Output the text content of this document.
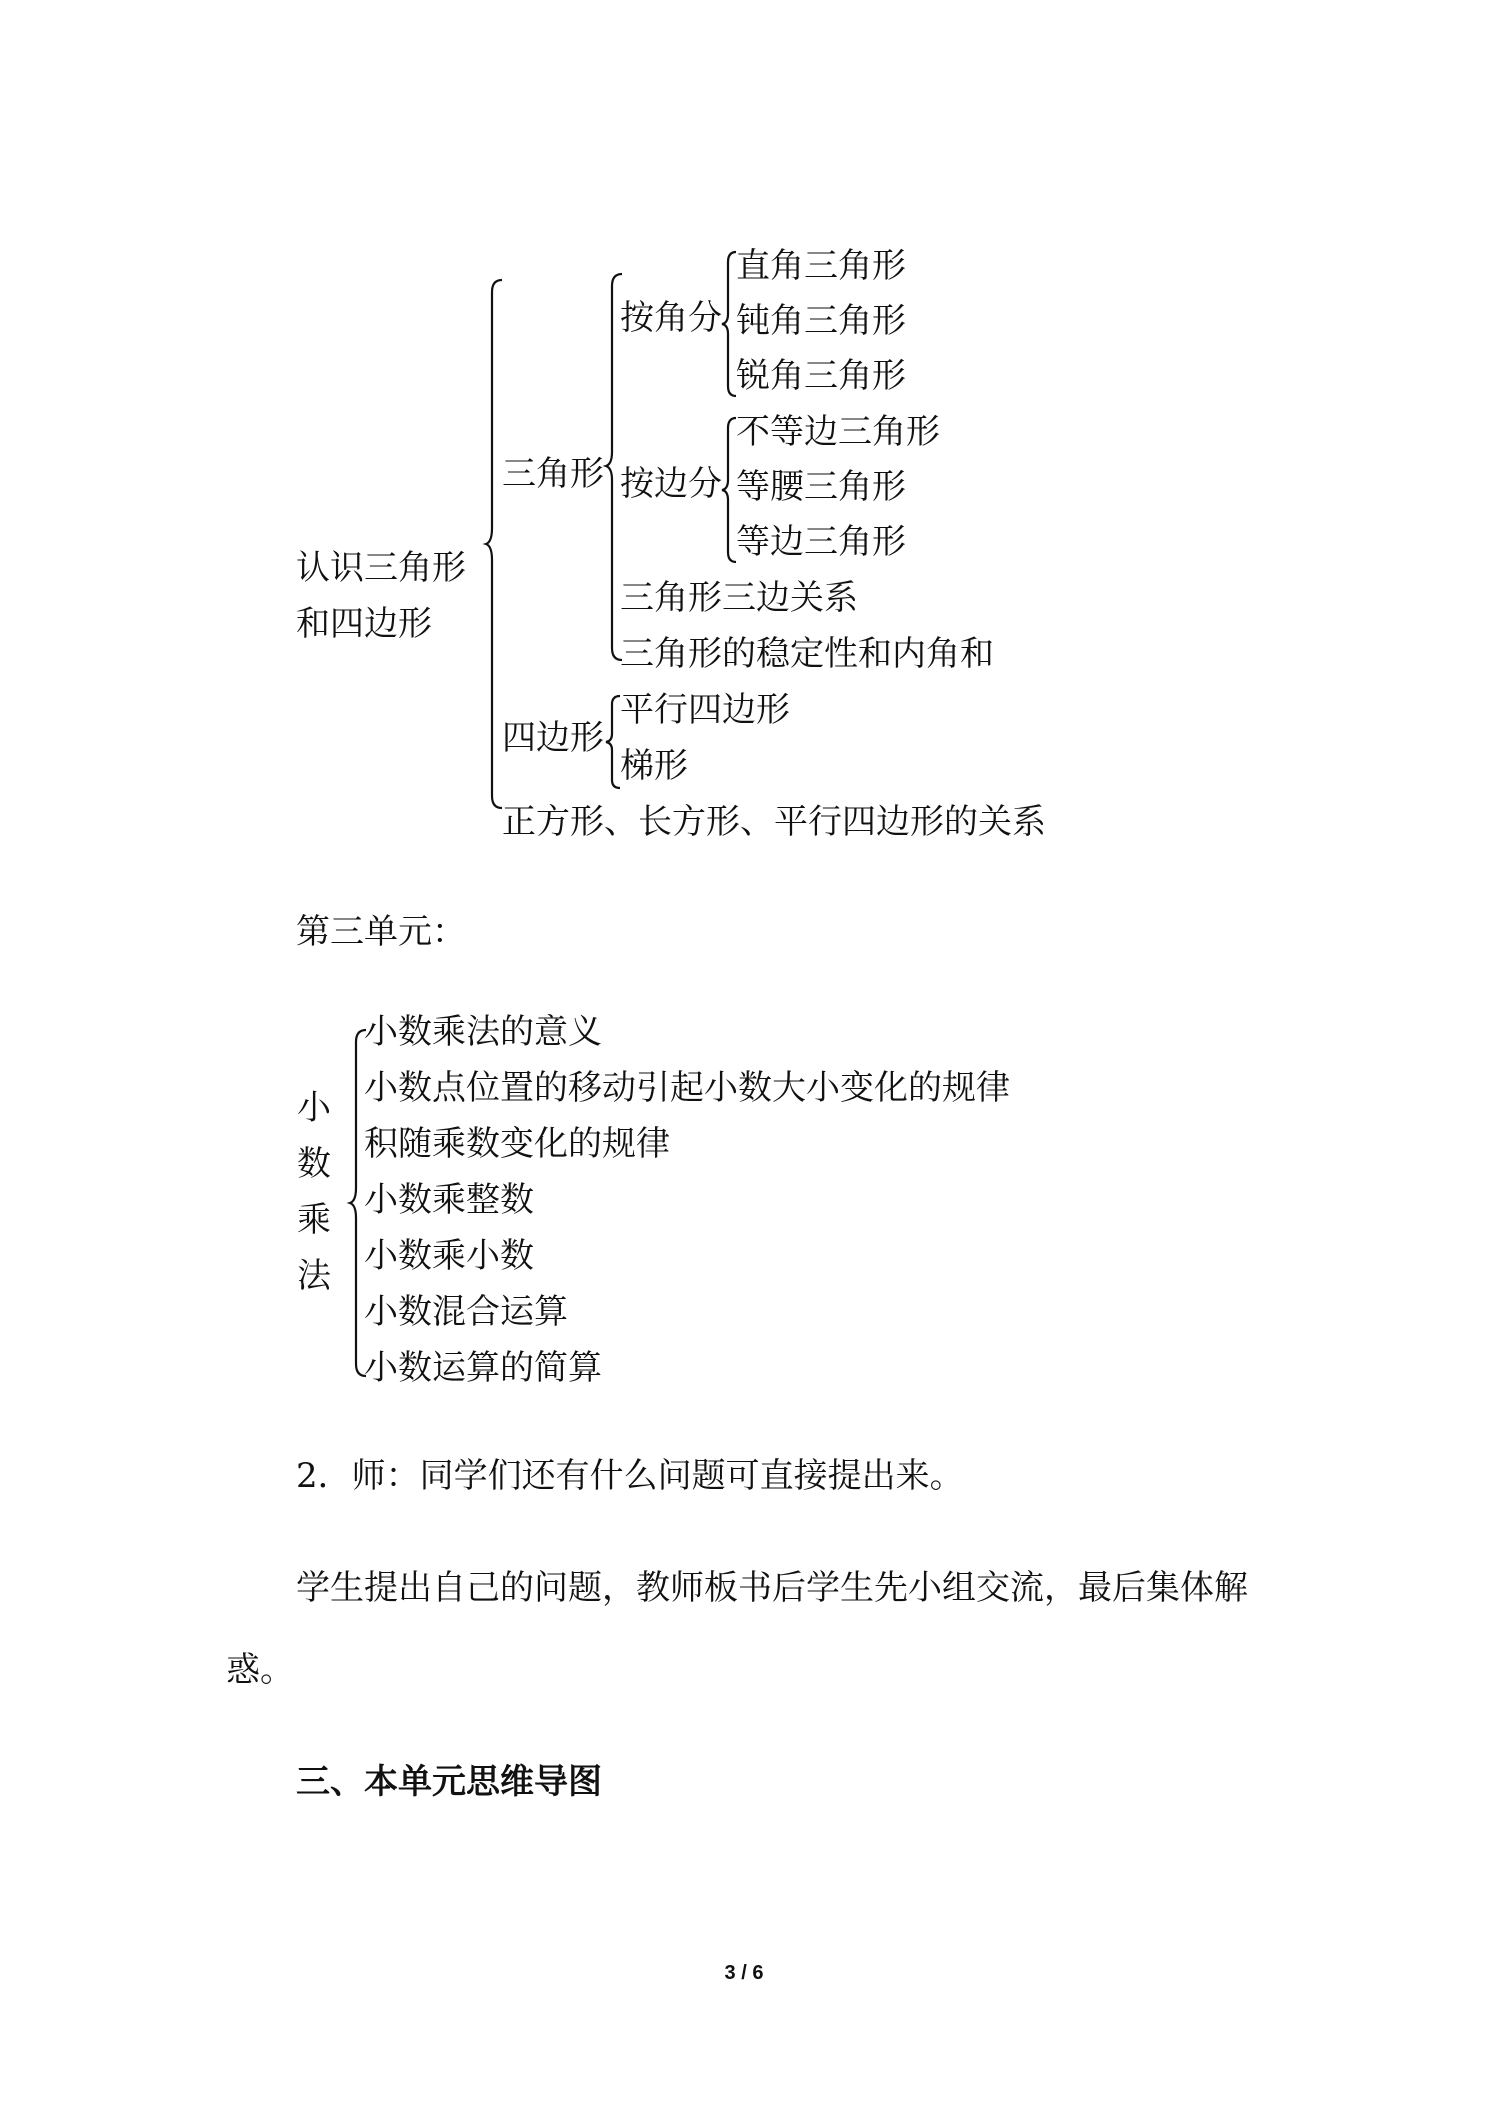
认识三角形
和四边形
三角形
按角分
直角三角形
钝角三角形
锐角三角形
按边分
不等边三角形
等腰三角形
等边三角形
三角形三边关系
三角形的稳定性和内角和
四边形
平行四边形
梯形
正方形、长方形、平行四边形的关系
第三单元：
小
数
乘
法
小数乘法的意义
小数点位置的移动引起小数大小变化的规律
积随乘数变化的规律
小数乘整数
小数乘小数
小数混合运算
小数运算的简算
2．师：同学们还有什么问题可直接提出来。
学生提出自己的问题，教师板书后学生先小组交流，最后集体解
惑。
三、本单元思维导图
3 / 6
